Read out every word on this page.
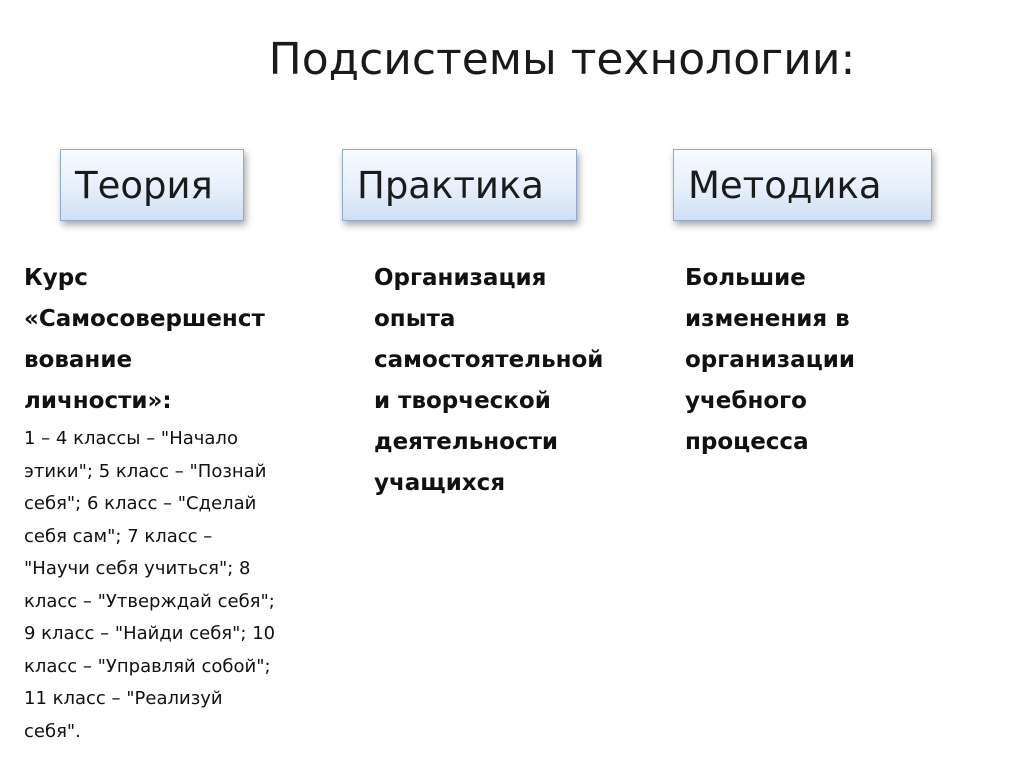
Подсистемы технологии:
Теория	Практика	Методика
Курс
«Самосовершенст
вование
личности»:
1 – 4 классы – "Начало
этики"; 5 класс – "Познай
себя"; 6 класс – "Сделай
себя сам"; 7 класс –
"Научи себя учиться"; 8
класс – "Утверждай себя";
9 класс – "Найди себя"; 10
класс – "Управляй собой";
11 класс – "Реализуй
себя".
Организация
опыта
самостоятельной
и творческой
деятельности
учащихся
Большие
изменения в
организации
учебного
процесса
